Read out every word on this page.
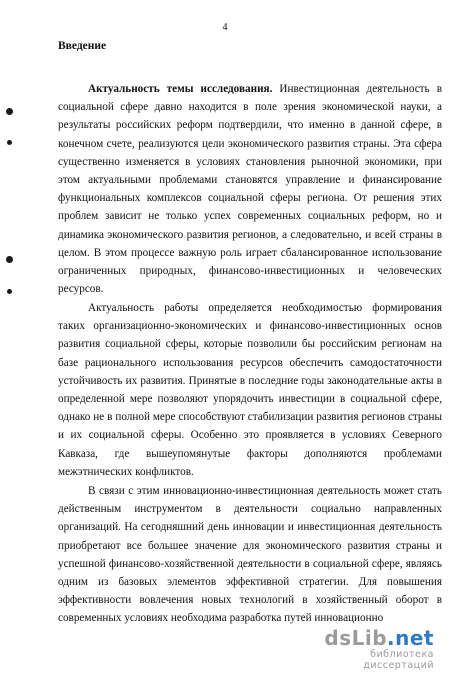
4
Введение

Актуальность темы исследования. Инвестиционная деятельность в социальной сфере давно находится в поле зрения экономической науки, а результаты российских реформ подтвердили, что именно в данной сфере, в конечном счете, реализуются цели экономического развития страны. Эта сфера существенно изменяется в условиях становления рыночной экономики, при этом актуальными проблемами становятся управление и финансирование функциональных комплексов социальной сферы региона. От решения этих проблем зависит не только успех современных социальных реформ, но и динамика экономического развития регионов, а следовательно, и всей страны в целом. В этом процессе важную роль играет сбалансированное использование ограниченных природных, финансово-инвестиционных и человеческих ресурсов.

Актуальность работы определяется необходимостью формирования таких организационно-экономических и финансово-инвестиционных основ развития социальной сферы, которые позволили бы российским регионам на базе рационального использования ресурсов обеспечить самодостаточности устойчивость их развития. Принятые в последние годы законодательные акты в определенной мере позволяют упорядочить инвестиции в социальной сфере, однако не в полной мере способствуют стабилизации развития регионов страны и их социальной сферы. Особенно это проявляется в условиях Северного Кавказа, где вышеупомянутые факторы дополняются проблемами межэтнических конфликтов.

В связи с этим инновационно-инвестиционная деятельность может стать действенным инструментом в деятельности социально направленных организаций. На сегодняшний день инновации и инвестиционная деятельность приобретают все большее значение для экономического развития страны и успешной финансово-хозяйственной деятельности в социальной сфере, являясь одним из базовых элементов эффективной стратегии. Для повышения эффективности вовлечения новых технологий в хозяйственный оборот в современных условиях необходима разработка путей инновационно

dsLib.net
библиотека диссертаций
